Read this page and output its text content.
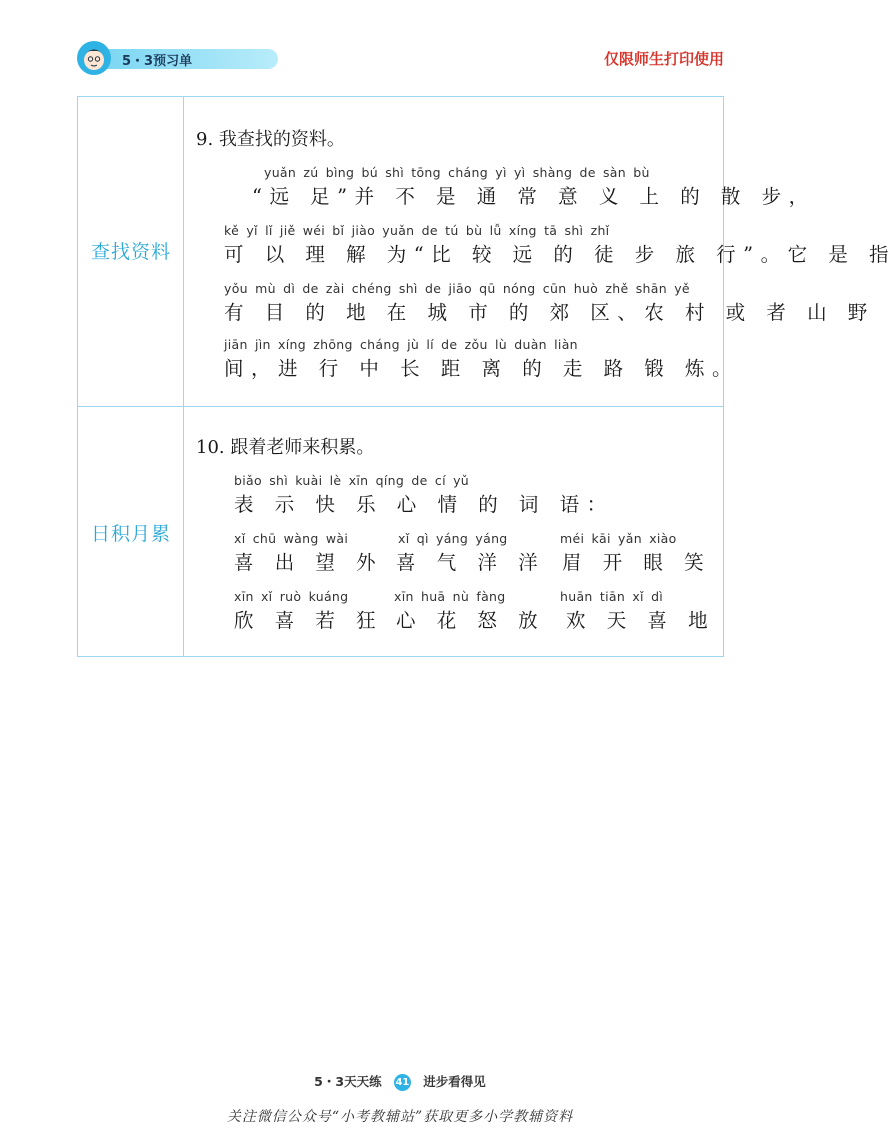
5・3预习单	仅限师生打印使用
查找资料
9. 我查找的资料。
yuǎn zú bìng bú shì tōng cháng yì yì shàng de sàn bù
“远 足”并 不 是 通 常 意 义 上 的 散 步，
kě yǐ lǐ jiě wéi bǐ jiào yuǎn de tú bù lǚ xíng tā shì zhǐ
可 以 理 解 为“比 较 远 的 徒 步 旅 行”。它 是 指
yǒu mù dì de zài chéng shì de jiāo qū nóng cūn huò zhě shān yě
有 目 的 地 在 城 市 的 郊 区、农 村 或 者 山 野
jiān jìn xíng zhōng cháng jù lí de zǒu lù duàn liàn
间，进 行 中 长 距 离 的 走 路 锻 炼。
日积月累
10. 跟着老师来积累。
biǎo shì kuài lè xīn qíng de cí yǔ
表 示 快 乐 心 情 的 词 语：
xǐ chū wàng wài
喜 出 望 外
xǐ qì yáng yáng
喜 气 洋 洋
méi kāi yǎn xiào
眉 开 眼 笑
xīn xǐ ruò kuáng
欣 喜 若 狂
xīn huā nù fàng
心 花 怒 放
huān tiān xǐ dì
欢 天 喜 地
5・3天天练 41 进步看得见
关注微信公众号“小考教辅站”获取更多小学教辅资料
